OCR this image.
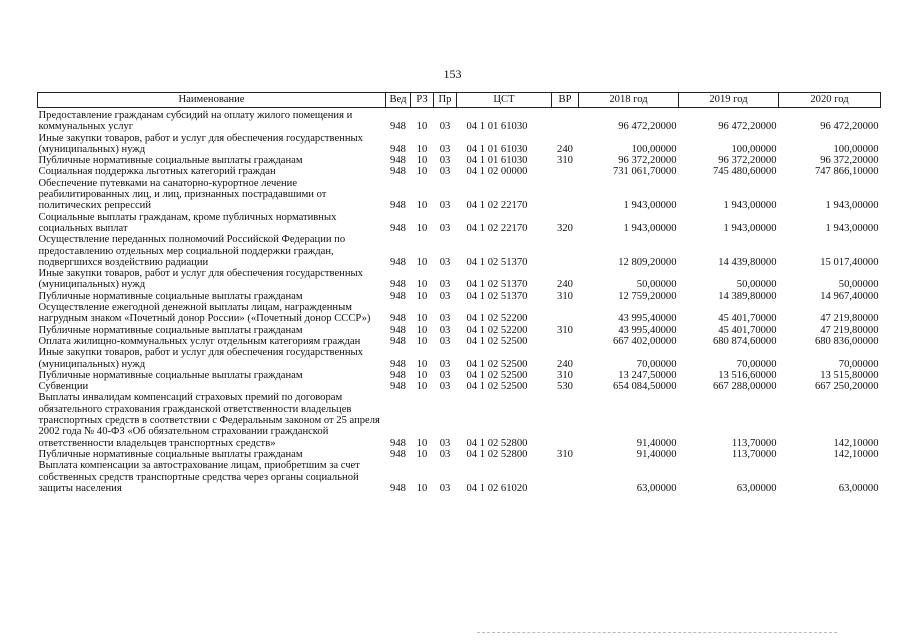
153
Наименование	Вед	РЗ	Пр	ЦСТ	ВР	2018 год	2019 год	2020 год
Предоставление гражданам субсидий на оплату жилого помещения и коммунальных услуг	948	10	03	04 1 01 61030		96 472,20000	96 472,20000	96 472,20000
Иные закупки товаров, работ и услуг для обеспечения государственных (муниципальных) нужд	948	10	03	04 1 01 61030	240	100,00000	100,00000	100,00000
Публичные нормативные социальные выплаты гражданам	948	10	03	04 1 01 61030	310	96 372,20000	96 372,20000	96 372,20000
Социальная поддержка льготных категорий граждан	948	10	03	04 1 02 00000		731 061,70000	745 480,60000	747 866,10000
Обеспечение путевками на санаторно-курортное лечение реабилитированных лиц, и лиц, признанных пострадавшими от политических репрессий	948	10	03	04 1 02 22170		1 943,00000	1 943,00000	1 943,00000
Социальные выплаты гражданам, кроме публичных нормативных социальных выплат	948	10	03	04 1 02 22170	320	1 943,00000	1 943,00000	1 943,00000
Осуществление переданных полномочий Российской Федерации по предоставлению отдельных мер социальной поддержки граждан, подвергшихся воздействию радиации	948	10	03	04 1 02 51370		12 809,20000	14 439,80000	15 017,40000
Иные закупки товаров, работ и услуг для обеспечения государственных (муниципальных) нужд	948	10	03	04 1 02 51370	240	50,00000	50,00000	50,00000
Публичные нормативные социальные выплаты гражданам	948	10	03	04 1 02 51370	310	12 759,20000	14 389,80000	14 967,40000
Осуществление ежегодной денежной выплаты лицам, награжденным нагрудным знаком «Почетный донор России» («Почетный донор СССР»)	948	10	03	04 1 02 52200		43 995,40000	45 401,70000	47 219,80000
Публичные нормативные социальные выплаты гражданам	948	10	03	04 1 02 52200	310	43 995,40000	45 401,70000	47 219,80000
Оплата жилищно-коммунальных услуг отдельным категориям граждан	948	10	03	04 1 02 52500		667 402,00000	680 874,60000	680 836,00000
Иные закупки товаров, работ и услуг для обеспечения государственных (муниципальных) нужд	948	10	03	04 1 02 52500	240	70,00000	70,00000	70,00000
Публичные нормативные социальные выплаты гражданам	948	10	03	04 1 02 52500	310	13 247,50000	13 516,60000	13 515,80000
Субвенции	948	10	03	04 1 02 52500	530	654 084,50000	667 288,00000	667 250,20000
Выплаты инвалидам компенсаций страховых премий по договорам обязательного страхования гражданской ответственности владельцев транспортных средств в соответствии с Федеральным законом от 25 апреля 2002 года № 40-ФЗ «Об обязательном страховании гражданской ответственности владельцев транспортных средств»	948	10	03	04 1 02 52800		91,40000	113,70000	142,10000
Публичные нормативные социальные выплаты гражданам	948	10	03	04 1 02 52800	310	91,40000	113,70000	142,10000
Выплата компенсации за автострахование лицам, приобретшим за счет собственных средств транспортные средства через органы социальной защиты населения	948	10	03	04 1 02 61020		63,00000	63,00000	63,00000
